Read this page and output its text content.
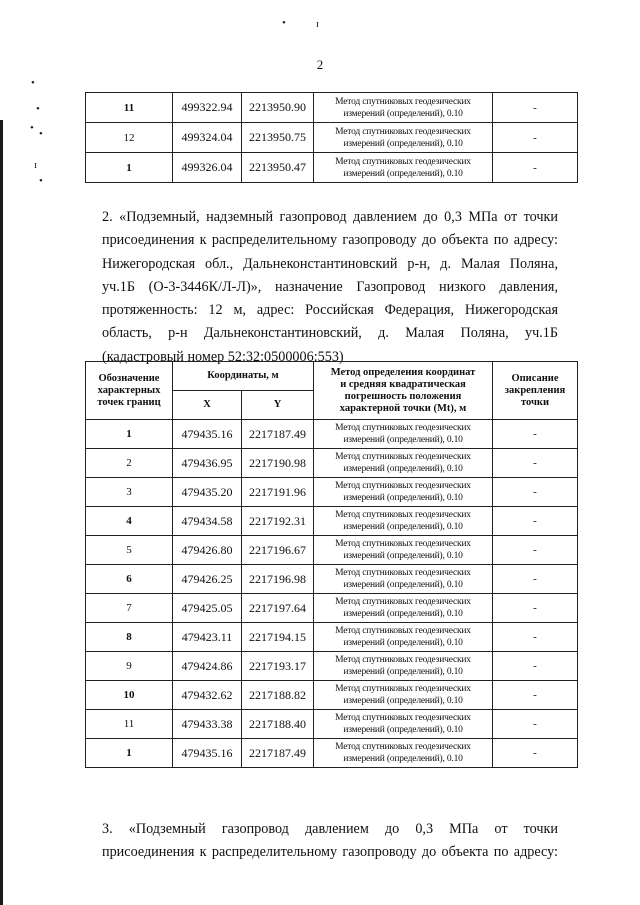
•	ɪ
•
•
• •
ɪ
•
2
11	499322.94	2213950.90	Метод спутниковых геодезических
измерений (определений), 0.10	-
12	499324.04	2213950.75	Метод спутниковых геодезических
измерений (определений), 0.10	-
1	499326.04	2213950.47	Метод спутниковых геодезических
измерений (определений), 0.10	-
2. «Подземный, надземный газопровод давлением до 0,3 МПа от точки
присоединения к распределительному газопроводу до объекта по адресу:
Нижегородская обл., Дальнеконстантиновский р-н, д. Малая Поляна,
уч.1Б (О-3-3446К/Л-Л)», назначение Газопровод низкого давления,
протяженность: 12 м, адрес: Российская Федерация, Нижегородская
область, р-н Дальнеконстантиновский, д. Малая Поляна, уч.1Б
(кадастровый номер 52:32:0500006:553)
Обозначение
характерных
точек границ	Координаты, м		Метод определения координат
и средняя квадратическая
погрешность положения
характерной точки (Mt), м	Описание
закрепления
точки
	X	Y		
1	479435.16	2217187.49	Метод спутниковых геодезических
измерений (определений), 0.10	-
2	479436.95	2217190.98	Метод спутниковых геодезических
измерений (определений), 0.10	-
3	479435.20	2217191.96	Метод спутниковых геодезических
измерений (определений), 0.10	-
4	479434.58	2217192.31	Метод спутниковых геодезических
измерений (определений), 0.10	-
5	479426.80	2217196.67	Метод спутниковых геодезических
измерений (определений), 0.10	-
6	479426.25	2217196.98	Метод спутниковых геодезических
измерений (определений), 0.10	-
7	479425.05	2217197.64	Метод спутниковых геодезических
измерений (определений), 0.10	-
8	479423.11	2217194.15	Метод спутниковых геодезических
измерений (определений), 0.10	-
9	479424.86	2217193.17	Метод спутниковых геодезических
измерений (определений), 0.10	-
10	479432.62	2217188.82	Метод спутниковых геодезических
измерений (определений), 0.10	-
11	479433.38	2217188.40	Метод спутниковых геодезических
измерений (определений), 0.10	-
1	479435.16	2217187.49	Метод спутниковых геодезических
измерений (определений), 0.10	-
3. «Подземный газопровод давлением до 0,3 МПа от точки
присоединения к распределительному газопроводу до объекта по адресу:
